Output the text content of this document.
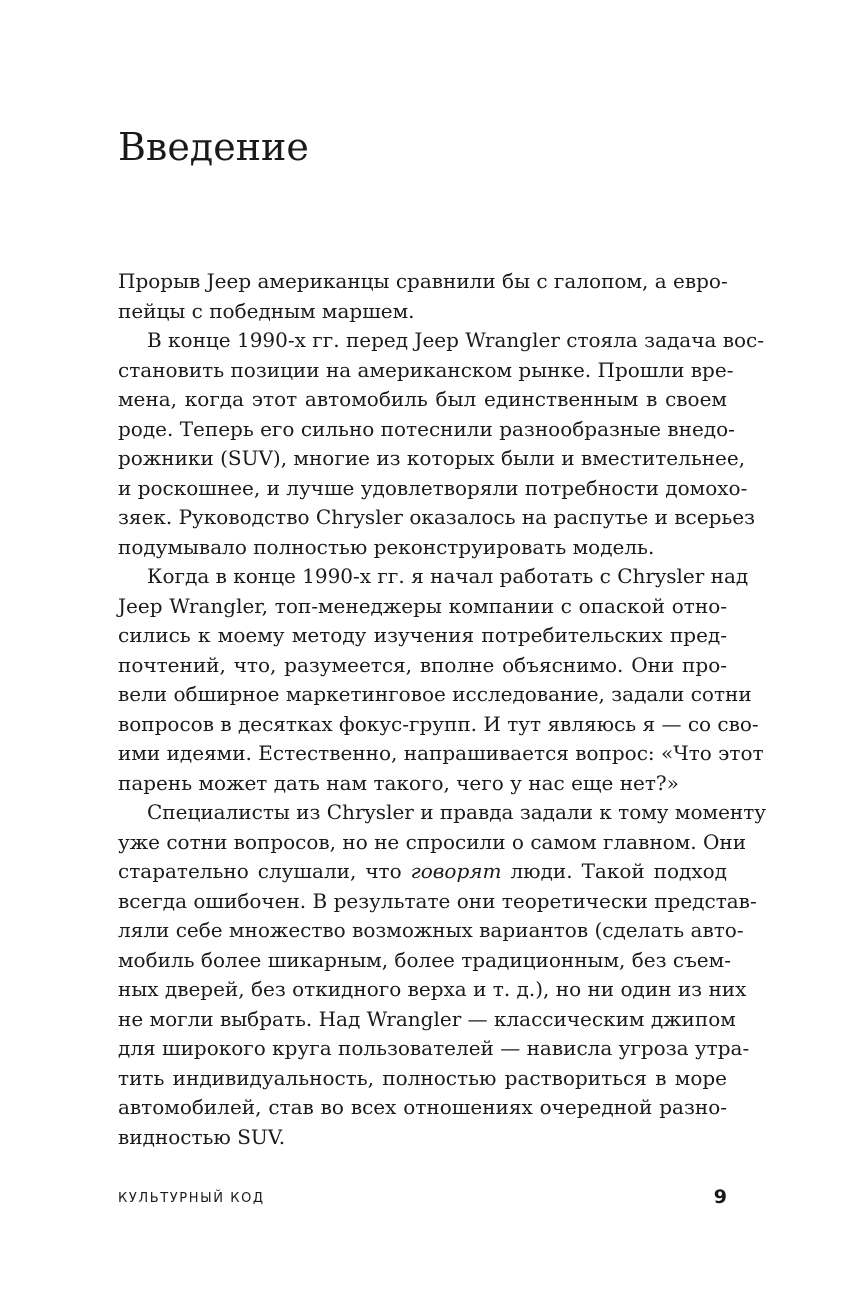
Введение

Прорыв Jeep американцы сравнили бы с галопом, а евро-
пейцы с победным маршем.

В конце 1990-х гг. перед Jeep Wrangler стояла задача вос-
становить позиции на американском рынке. Прошли вре-
мена, когда этот автомобиль был единственным в своем
роде. Теперь его сильно потеснили разнообразные внедо-
рожники (SUV), многие из которых были и вместительнее,
и роскошнее, и лучше удовлетворяли потребности домохо-
зяек. Руководство Chrysler оказалось на распутье и всерьез
подумывало полностью реконструировать модель.

Когда в конце 1990-х гг. я начал работать с Chrysler над
Jeep Wrangler, топ-менеджеры компании с опаской отно-
сились к моему методу изучения потребительских пред-
почтений, что, разумеется, вполне объяснимо. Они про-
вели обширное маркетинговое исследование, задали сотни
вопросов в десятках фокус-групп. И тут являюсь я — со сво-
ими идеями. Естественно, напрашивается вопрос: «Что этот
парень может дать нам такого, чего у нас еще нет?»

Специалисты из Chrysler и правда задали к тому моменту
уже сотни вопросов, но не спросили о самом главном. Они
старательно слушали, что говорят люди. Такой подход
всегда ошибочен. В результате они теоретически представ-
ляли себе множество возможных вариантов (сделать авто-
мобиль более шикарным, более традиционным, без съем-
ных дверей, без откидного верха и т. д.), но ни один из них
не могли выбрать. Над Wrangler — классическим джипом
для широкого круга пользователей — нависла угроза утра-
тить индивидуальность, полностью раствориться в море
автомобилей, став во всех отношениях очередной разно-
видностью SUV.

КУЛЬТУРНЫЙ КОД	9
